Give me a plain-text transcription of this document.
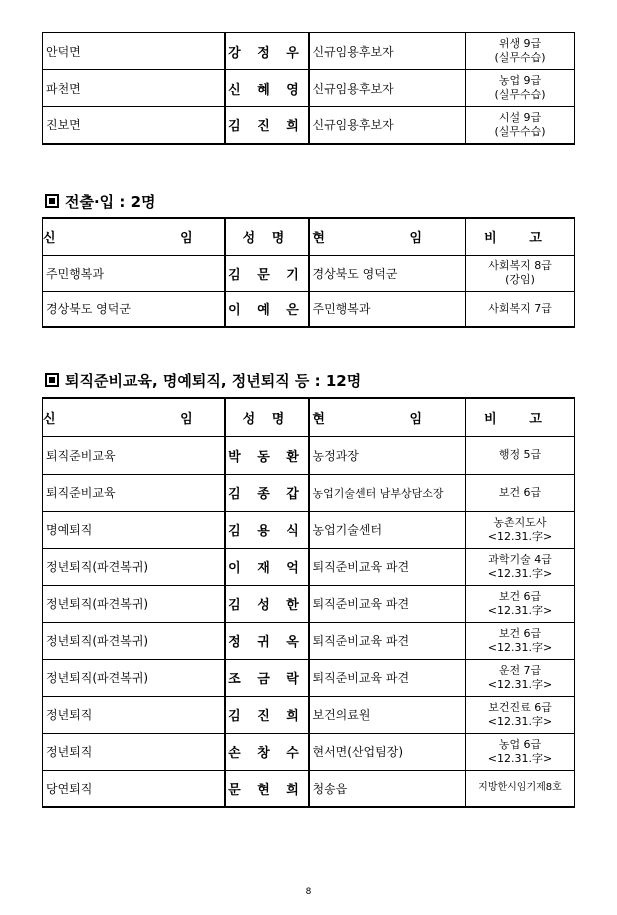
안덕면	강 정 우	신규임용후보자	위생 9급
(실무수습)

파천면	신 혜 영	신규임용후보자	농업 9급
(실무수습)

진보면	김 진 희	신규임용후보자	시설 9급
(실무수습)
전출·입 : 2명
신 임	성 명	현 임	비 고
주민행복과	김 문 기	경상북도 영덕군	사회복지 8급
(강임)

경상북도 영덕군	이 예 은	주민행복과	사회복지 7급
퇴직준비교육, 명예퇴직, 정년퇴직 등 : 12명
신 임	성 명	현 임	비 고
퇴직준비교육	박 동 환	농정과장	행정 5급

퇴직준비교육	김 종 갑	농업기술센터 남부상담소장	보건 6급

명예퇴직	김 용 식	농업기술센터	농촌지도사
<12.31.字>

정년퇴직(파견복귀)	이 재 억	퇴직준비교육 파견	과학기술 4급
<12.31.字>

정년퇴직(파견복귀)	김 성 한	퇴직준비교육 파견	보건 6급
<12.31.字>

정년퇴직(파견복귀)	정 귀 옥	퇴직준비교육 파견	보건 6급
<12.31.字>

정년퇴직(파견복귀)	조 금 락	퇴직준비교육 파견	운전 7급
<12.31.字>

정년퇴직	김 진 희	보건의료원	보건진료 6급
<12.31.字>

정년퇴직	손 창 수	현서면(산업팀장)	농업 6급
<12.31.字>

당연퇴직	문 현 희	청송읍	지방한시임기제8호
8
